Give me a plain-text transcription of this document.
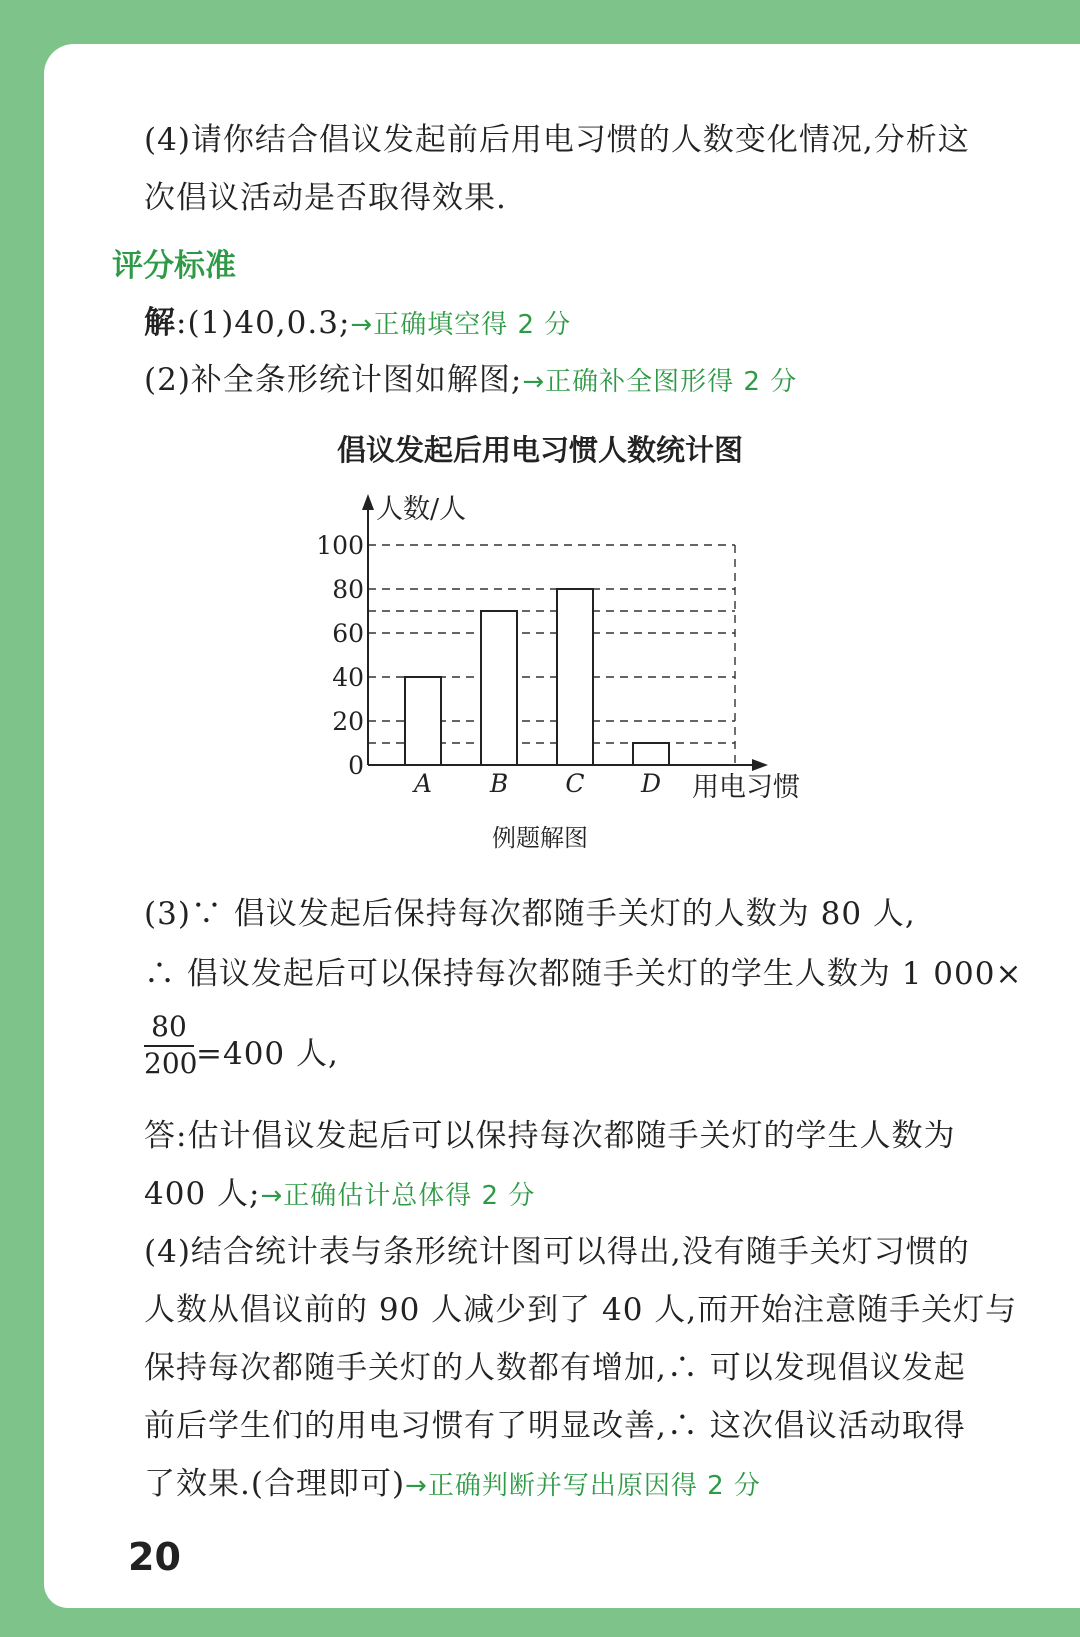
(4)请你结合倡议发起前后用电习惯的人数变化情况,分析这
次倡议活动是否取得效果.
评分标准
解:(1)40,0.3;→正确填空得 2 分
(2)补全条形统计图如解图;→正确补全图形得 2 分
倡议发起后用电习惯人数统计图
0
20
40
60
80
100
人数/人
用电习惯
A B C D
例题解图
(3)∵ 倡议发起后保持每次都随手关灯的人数为 80 人,
∴ 倡议发起后可以保持每次都随手关灯的学生人数为 1 000×
$\frac{80}{200} =400$ 人,
答:估计倡议发起后可以保持每次都随手关灯的学生人数为
400 人;→正确估计总体得 2 分
(4)结合统计表与条形统计图可以得出,没有随手关灯习惯的
人数从倡议前的 90 人减少到了 40 人,而开始注意随手关灯与
保持每次都随手关灯的人数都有增加,∴ 可以发现倡议发起
前后学生们的用电习惯有了明显改善,∴ 这次倡议活动取得
了效果.(合理即可)→正确判断并写出原因得 2 分
20
